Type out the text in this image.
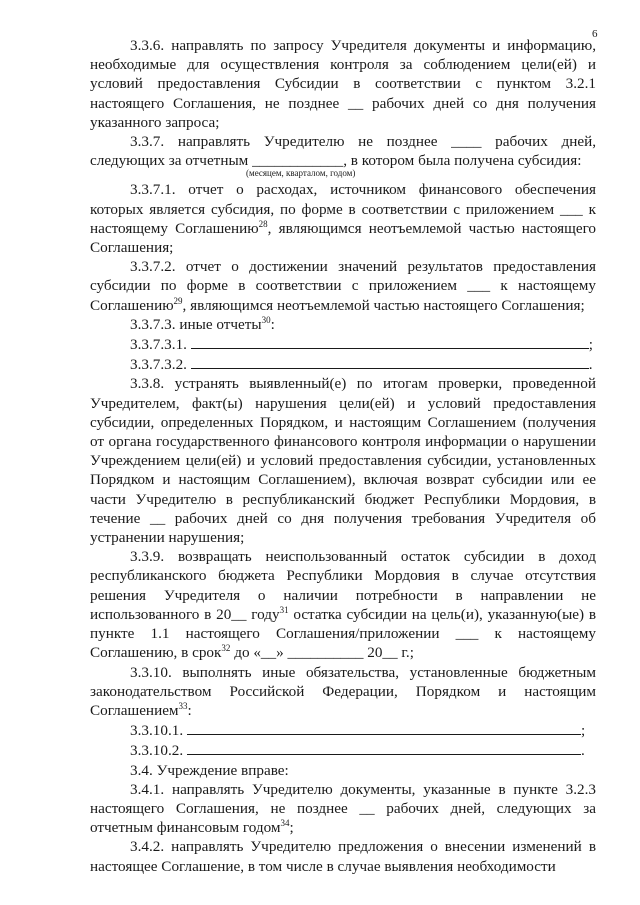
6

3.3.6. направлять по запросу Учредителя документы и информацию, необходимые для осуществления контроля за соблюдением цели(ей) и условий предоставления Субсидии в соответствии с пунктом 3.2.1 настоящего Соглашения, не позднее __ рабочих дней со дня получения указанного запроса;

3.3.7. направлять Учредителю не позднее ____ рабочих дней, следующих за отчетным ____________, в котором была получена субсидия:

(месяцем, кварталом, годом)

3.3.7.1. отчет о расходах, источником финансового обеспечения которых является субсидия, по форме в соответствии с приложением ___ к настоящему Соглашению$^{28}$, являющимся неотъемлемой частью настоящего Соглашения;

3.3.7.2. отчет о достижении значений результатов предоставления субсидии по форме в соответствии с приложением ___ к настоящему Соглашению$^{29}$, являющимся неотъемлемой частью настоящего Соглашения;

3.3.7.3. иные отчеты$^{30}$:

3.3.7.3.1.	;
3.3.7.3.2.	.

3.3.8. устранять выявленный(е) по итогам проверки, проведенной Учредителем, факт(ы) нарушения цели(ей) и условий предоставления субсидии, определенных Порядком, и настоящим Соглашением (получения от органа государственного финансового контроля информации о нарушении Учреждением цели(ей) и условий предоставления субсидии, установленных Порядком и настоящим Соглашением), включая возврат субсидии или ее части Учредителю в республиканский бюджет Республики Мордовия, в течение __ рабочих дней со дня получения требования Учредителя об устранении нарушения;

3.3.9. возвращать неиспользованный остаток субсидии в доход республиканского бюджета Республики Мордовия в случае отсутствия решения Учредителя о наличии потребности в направлении не использованного в 20__ году$^{31}$ остатка субсидии на цель(и), указанную(ые) в пункте 1.1 настоящего Соглашения/приложении ___ к настоящему Соглашению, в срок$^{32}$ до «__» __________ 20__ г.;

3.3.10. выполнять иные обязательства, установленные бюджетным законодательством Российской Федерации, Порядком и настоящим Соглашением$^{33}$:

3.3.10.1.	;
3.3.10.2.	.

3.4. Учреждение вправе:

3.4.1. направлять Учредителю документы, указанные в пункте 3.2.3 настоящего Соглашения, не позднее __ рабочих дней, следующих за отчетным финансовым годом$^{34}$;

3.4.2. направлять Учредителю предложения о внесении изменений в настоящее Соглашение, в том числе в случае выявления необходимости
